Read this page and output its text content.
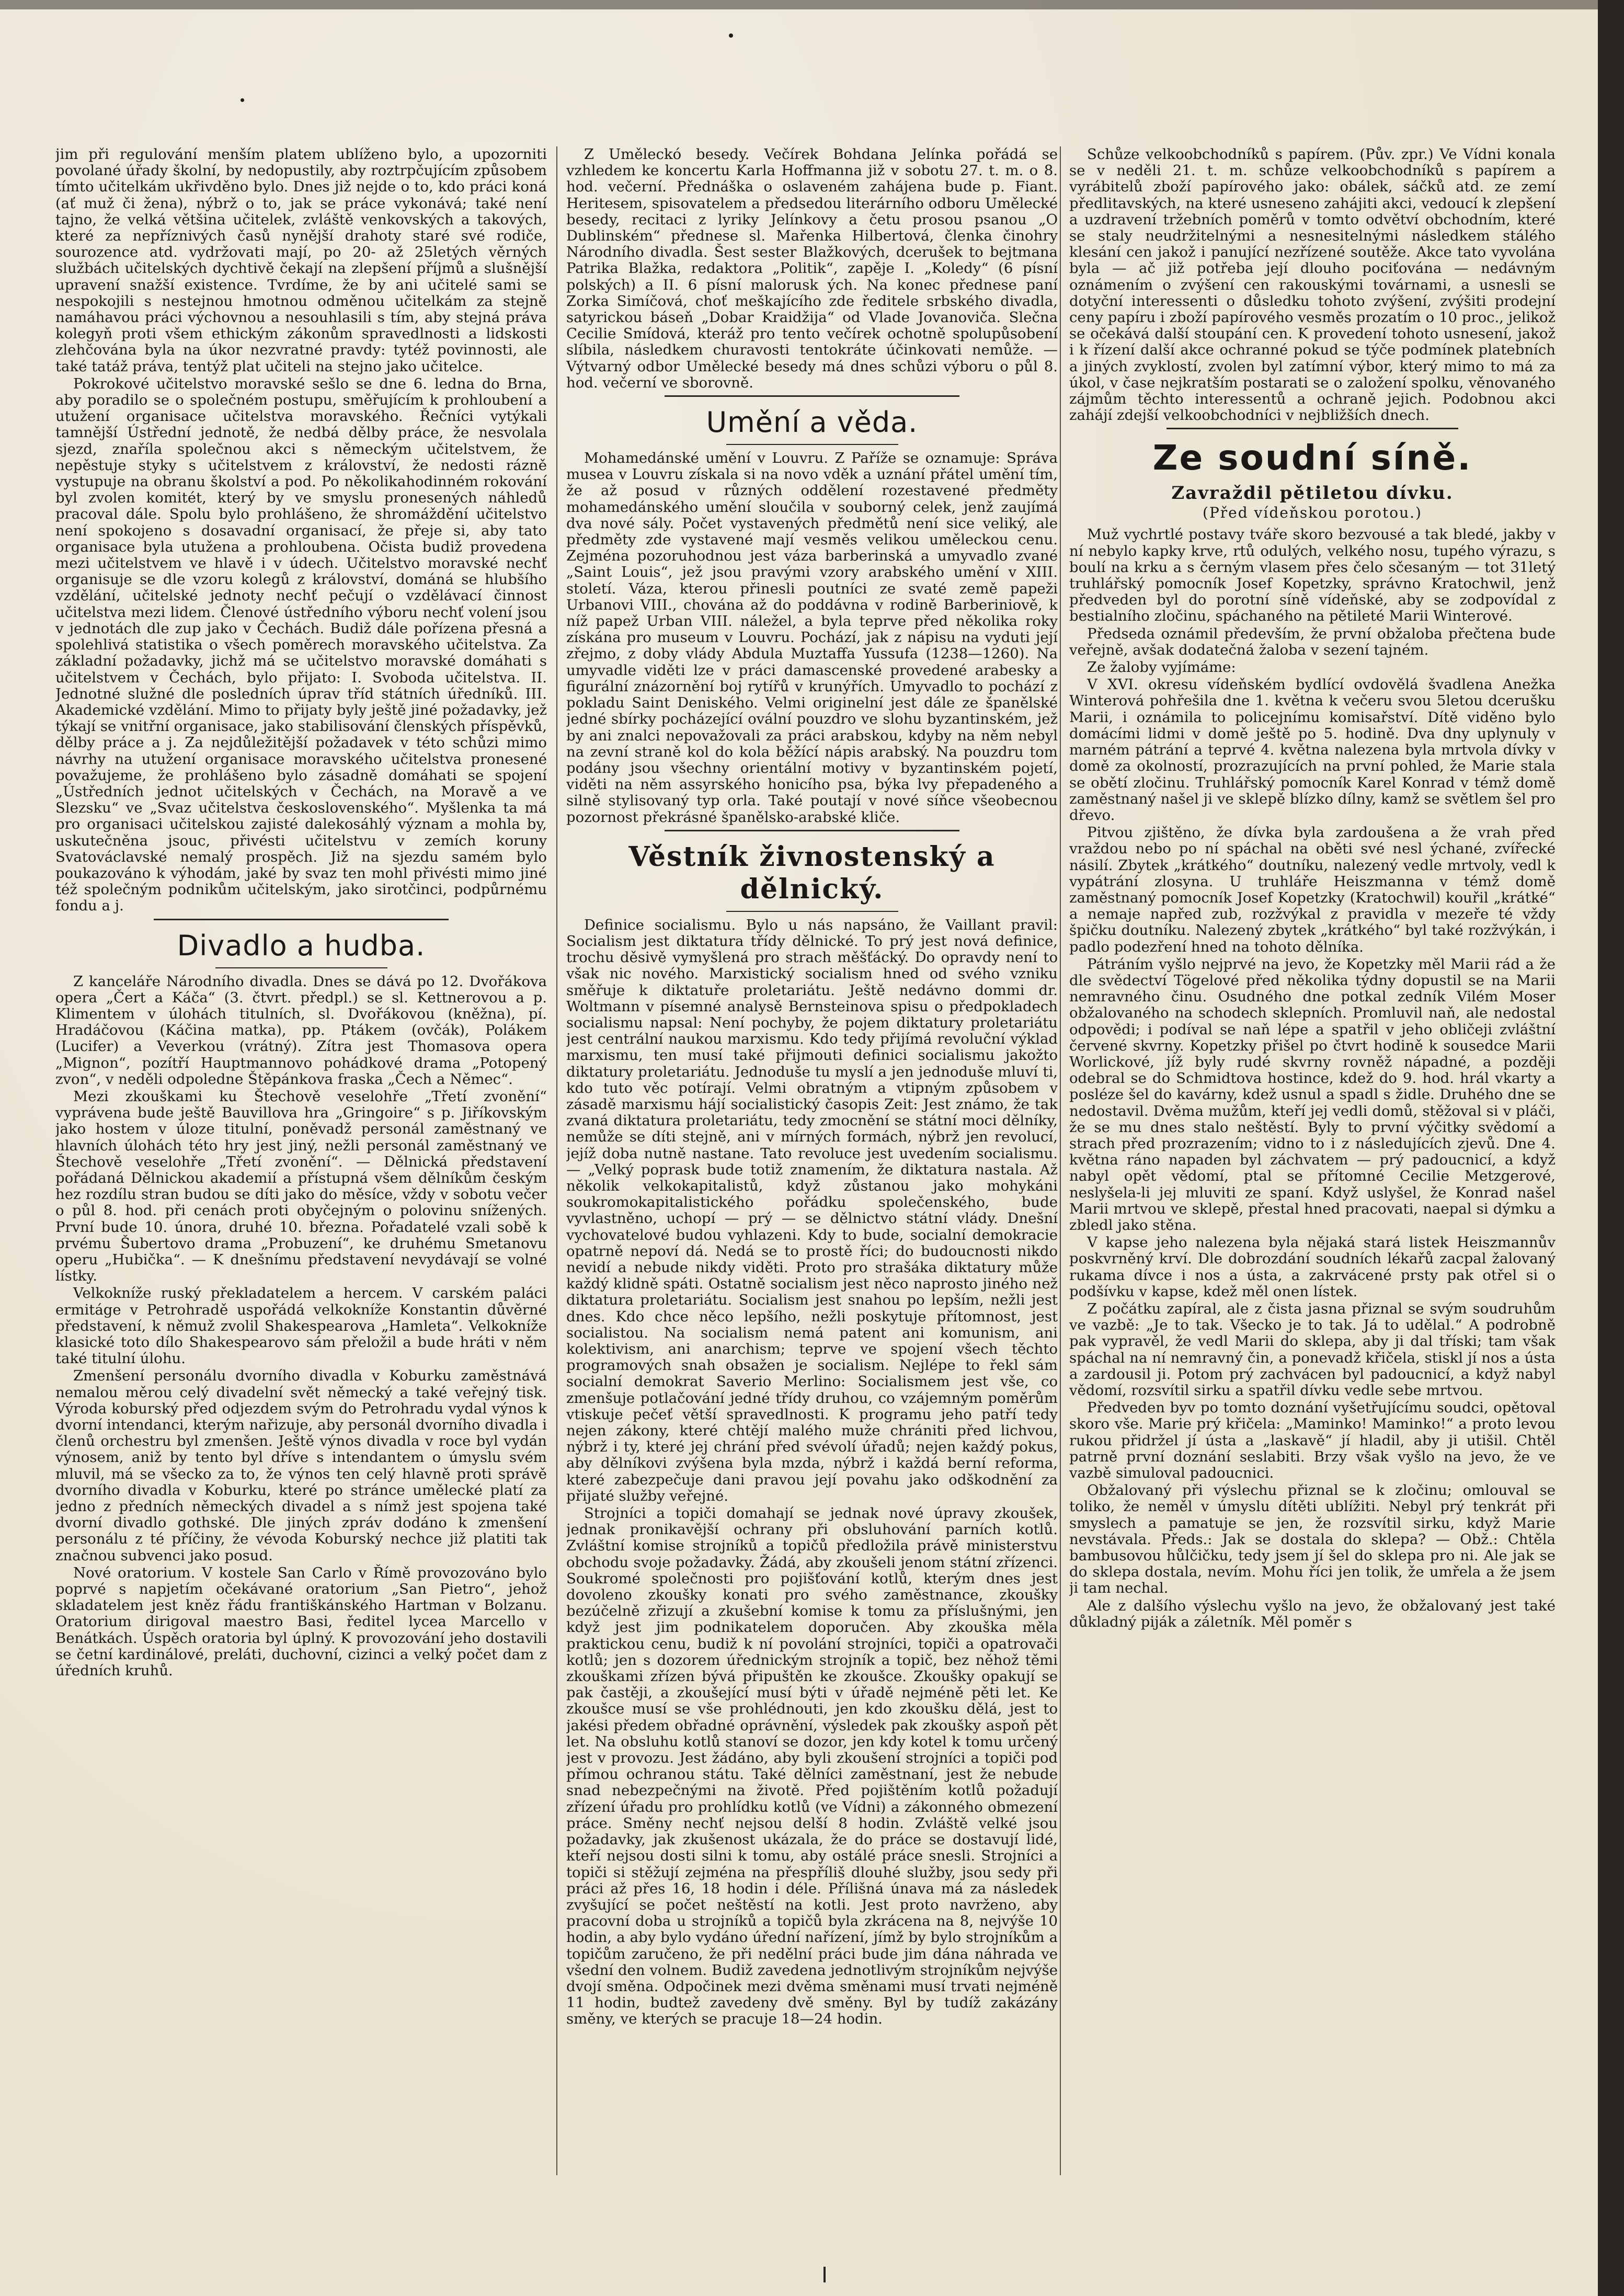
jim při regulování menším platem ublíženo bylo, a upozorniti povolané úřady školní, by nedopustily, aby roztrpčujícím způsobem tímto učitelkám ukřivděno bylo. Dnes již nejde o to, kdo práci koná (ať muž či žena), nýbrž o to, jak se práce vykonává; také není tajno, že velká většina učitelek, zvláště venkovských a takových, které za nepříznivých časů nynější drahoty staré své rodiče, sourozence atd. vydržovati mají, po 20- až 25letých věrných službách učitelských dychtivě čekají na zlepšení příjmů a slušnější upravení snažší existence. Tvrdíme, že by ani učitelé sami se nespokojili s nestejnou hmotnou odměnou učitelkám za stejně namáhavou práci výchovnou a nesouhlasili s tím, aby stejná práva kolegyň proti všem ethickým zákonům spravedlnosti a lidskosti zlehčována byla na úkor nezvratné pravdy: tytéž povinnosti, ale také tatáž práva, tentýž plat učiteli na stejno jako učitelce.

Pokrokové učitelstvo moravské sešlo se dne 6. ledna do Brna, aby poradilo se o společném postupu, směřujícím k prohloubení a utužení organisace učitelstva moravského. Řečníci vytýkali tamnější Ústřední jednotě, že nedbá dělby práce, že nesvolala sjezd, znaříla společnou akci s německým učitelstvem, že nepěstuje styky s učitelstvem z království, že nedosti rázně vystupuje na obranu školství a pod. Po několikahodinném rokování byl zvolen komitét, který by ve smyslu pronesených náhledů pracoval dále. Spolu bylo prohlášeno, že shromáždění učitelstvo není spokojeno s dosavadní organisací, že přeje si, aby tato organisace byla utužena a prohloubena. Očista budiž provedena mezi učitelstvem ve hlavě i v údech. Učitelstvo moravské nechť organisuje se dle vzoru kolegů z království, dománá se hlubšího vzdělání, učitelské jednoty nechť pečují o vzdělávací činnost učitelstva mezi lidem. Členové ústředního výboru nechť volení jsou v jednotách dle zup jako v Čechách. Budiž dále pořízena přesná a spolehlivá statistika o všech poměrech moravského učitelstva. Za základní požadavky, jichž má se učitelstvo moravské domáhati s učitelstvem v Čechách, bylo přijato: I. Svoboda učitelstva. II. Jednotné služné dle posledních úprav tříd státních úředníků. III. Akademické vzdělání. Mimo to přijaty byly ještě jiné požadavky, jež týkají se vnitřní organisace, jako stabilisování členských příspěvků, dělby práce a j. Za nejdůležitější požadavek v této schůzi mimo návrhy na utužení organisace moravského učitelstva pronesené považujeme, že prohlášeno bylo zásadně domáhati se spojení „Ústředních jednot učitelských v Čechách, na Moravě a ve Slezsku“ ve „Svaz učitelstva československého“. Myšlenka ta má pro organisaci učitelskou zajisté dalekosáhlý význam a mohla by, uskutečněna jsouc, přivésti učitelstvu v zemích koruny Svatováclavské nemalý prospěch. Již na sjezdu samém bylo poukazováno k výhodám, jaké by svaz ten mohl přivésti mimo jiné též společným podnikům učitelským, jako sirotčinci, podpůrnému fondu a j.

Divadlo a hudba.

Z kanceláře Národního divadla. Dnes se dává po 12. Dvořákova opera „Čert a Káča“ (3. čtvrt. předpl.) se sl. Kettnerovou a p. Klimentem v úlohách titulních, sl. Dvořákovou (kněžna), pí. Hradáčovou (Káčina matka), pp. Ptákem (ovčák), Polákem (Lucifer) a Veverkou (vrátný). Zítra jest Thomasova opera „Mignon“, pozítří Hauptmannovo pohádkové drama „Potopený zvon“, v neděli odpoledne Štěpánkova fraska „Čech a Němec“.

Mezi zkouškami ku Štechově veselohře „Třetí zvonění“ vyprávena bude ještě Bauvillova hra „Gringoire“ s p. Jiříkovským jako hostem v úloze titulní, poněvadž personál zaměstnaný ve hlavních úlohách této hry jest jiný, nežli personál zaměstnaný ve Štechově veselohře „Třetí zvonění“. — Dělnická představení pořádaná Dělnickou akademií a přístupná všem dělníkům českým hez rozdílu stran budou se díti jako do měsíce, vždy v sobotu večer o půl 8. hod. při cenách proti obyčejným o polovinu snížených. První bude 10. února, druhé 10. března. Pořadatelé vzali sobě k prvému Šubertovo drama „Probuzení“, ke druhému Smetanovu operu „Hubička“. — K dnešnímu představení nevydávají se volné lístky.

Velkokníže ruský překladatelem a hercem. V carském paláci ermitáge v Petrohradě uspořádá velkokníže Konstantin důvěrné představení, k němuž zvolil Shakespearova „Hamleta“. Velkokníže klasické toto dílo Shakespearovo sám přeložil a bude hráti v něm také titulní úlohu.

Zmenšení personálu dvorního divadla v Koburku zaměstnává nemalou měrou celý divadelní svět německý a také veřejný tisk. Výroda koburský před odjezdem svým do Petrohradu vydal výnos k dvorní intendanci, kterým nařizuje, aby personál dvorního divadla i členů orchestru byl zmenšen. Ještě výnos divadla v roce byl vydán výnosem, aniž by tento byl dříve s intendantem o úmyslu svém mluvil, má se všecko za to, že výnos ten celý hlavně proti správě dvorního divadla v Koburku, které po stránce umělecké platí za jedno z předních německých divadel a s nímž jest spojena také dvorní divadlo gothské. Dle jiných zpráv dodáno k zmenšení personálu z té příčiny, že vévoda Koburský nechce již platiti tak značnou subvenci jako posud.

Nové oratorium. V kostele San Carlo v Římě provozováno bylo poprvé s napjetím očekávané oratorium „San Pietro“, jehož skladatelem jest kněz řádu františkánského Hartman v Bolzanu. Oratorium dirigoval maestro Basi, ředitel lycea Marcello v Benátkách. Úspěch oratoria byl úplný. K provozování jeho dostavili se četní kardinálové, preláti, duchovní, cizinci a velký počet dam z úředních kruhů.

Z Uměleckó besedy. Večírek Bohdana Jelínka pořádá se vzhledem ke koncertu Karla Hoffmanna již v sobotu 27. t. m. o 8. hod. večerní. Přednáška o oslaveném zahájena bude p. Fiant. Heritesem, spisovatelem a předsedou literárního odboru Umělecké besedy, recitaci z lyriky Jelínkovy a četu prosou psanou „O Dublinském“ přednese sl. Mařenka Hilbertová, členka činohry Národního divadla. Šest sester Blažkových, dcerušek to bejtmana Patrika Blažka, redaktora „Politik“, zapěje I. „Koledy“ (6 písní polských) a II. 6 písní malorusk ých. Na konec přednese paní Zorka Simíčová, choť meškajícího zde ředitele srbského divadla, satyrickou báseň „Dobar Kraidžija“ od Vlade Jovanoviča. Slečna Cecilie Smídová, kteráž pro tento večírek ochotně spolupůsobení slíbila, následkem churavosti tentokráte účinkovati nemůže. — Výtvarný odbor Umělecké besedy má dnes schůzi výboru o půl 8. hod. večerní ve sborovně.

Umění a věda.

Mohamedánské umění v Louvru. Z Paříže se oznamuje: Správa musea v Louvru získala si na novo vděk a uznání přátel umění tím, že až posud v různých oddělení rozestavené předměty mohamedánského umění sloučila v souborný celek, jenž zaujímá dva nové sály. Počet vystavených předmětů není sice veliký, ale předměty zde vystavené mají vesměs velikou uměleckou cenu. Zejména pozoruhodnou jest váza barberinská a umyvadlo zvané „Saint Louis“, jež jsou pravými vzory arabského umění v XIII. století. Váza, kterou přinesli poutníci ze svaté země papeži Urbanovi VIII., chována až do poddávna v rodině Barberiniově, k níž papež Urban VIII. náležel, a byla teprve před několika roky získána pro museum v Louvru. Pochází, jak z nápisu na vyduti její zřejmo, z doby vlády Abdula Muztaffa Yussufa (1238—1260). Na umyvadle viděti lze v práci damascenské provedené arabesky a figurální znázornění boj rytířů v krunýřích. Umyvadlo to pochází z pokladu Saint Deniského. Velmi originelní jest dále ze španělské jedné sbírky pocházející ovální pouzdro ve slohu byzantinském, jež by ani znalci nepovažovali za práci arabskou, kdyby na něm nebyl na zevní straně kol do kola běžící nápis arabský. Na pouzdru tom podány jsou všechny orientální motivy v byzantinském pojetí, viděti na něm assyrského honicího psa, býka lvy přepadeného a silně stylisovaný typ orla. Také poutají v nové síňce všeobecnou pozornost překrásné španělsko-arabské kliče.

Věstník živnostenský a dělnický.

Definice socialismu. Bylo u nás napsáno, že Vaillant pravil: Socialism jest diktatura třídy dělnické. To prý jest nová definice, trochu děsivě vymyšlená pro strach měšťácký. Do opravdy není to však nic nového. Marxistický socialism hned od svého vzniku směřuje k diktatuře proletariátu. Ještě nedávno dommi dr. Woltmann v písemné analysě Bernsteinova spisu o předpokladech socialismu napsal: Není pochyby, že pojem diktatury proletariátu jest centrální naukou marxismu. Kdo tedy přijímá revoluční výklad marxismu, ten musí také přijmouti definici socialismu jakožto diktatury proletariátu. Jednoduše tu myslí a jen jednoduše mluví ti, kdo tuto věc potírají. Velmi obratným a vtipným způsobem v zásadě marxismu hájí socialistický časopis Zeit: Jest známo, že tak zvaná diktatura proletariátu, tedy zmocnění se státní moci dělníky, nemůže se díti stejně, ani v mírných formách, nýbrž jen revolucí, jejíž doba nutně nastane. Tato revoluce jest uvedením socialismu. — „Velký poprask bude totiž znamením, že diktatura nastala. Až několik velkokapitalistů, když zůstanou jako mohykáni soukromokapitalistického pořádku společenského, bude vyvlastněno, uchopí — prý — se dělnictvo státní vlády. Dnešní vychovatelové budou vyhlazeni. Kdy to bude, socialní demokracie opatrně nepoví dá. Nedá se to prostě říci; do budoucnosti nikdo nevidí a nebude nikdy viděti. Proto pro strašáka diktatury může každý klidně spáti. Ostatně socialism jest něco naprosto jiného než diktatura proletariátu. Socialism jest snahou po lepším, nežli jest dnes. Kdo chce něco lepšího, nežli poskytuje přítomnost, jest socialistou. Na socialism nemá patent ani komunism, ani kolektivism, ani anarchism; teprve ve spojení všech těchto programových snah obsažen je socialism. Nejlépe to řekl sám socialní demokrat Saverio Merlino: Socialismem jest vše, co zmenšuje potlačování jedné třídy druhou, co vzájemným poměrům vtiskuje pečeť větší spravedlnosti. K programu jeho patří tedy nejen zákony, které chtějí malého muže chrániti před lichvou, nýbrž i ty, které jej chrání před svévolí úřadů; nejen každý pokus, aby dělníkovi zvýšena byla mzda, nýbrž i každá berní reforma, které zabezpečuje dani pravou její povahu jako odškodnění za přijaté služby veřejné.

Strojníci a topiči domahají se jednak nové úpravy zkoušek, jednak pronikavější ochrany při obsluhování parních kotlů. Zvláštní komise strojníků a topičů předložila právě ministerstvu obchodu svoje požadavky. Žádá, aby zkoušeli jenom státní zřízenci. Soukromé společnosti pro pojišťování kotlů, kterým dnes jest dovoleno zkoušky konati pro svého zaměstnance, zkoušky bezúčelně zřizují a zkušební komise k tomu za příslušnými, jen když jest jim podnikatelem doporučen. Aby zkouška měla praktickou cenu, budiž k ní povolání strojníci, topiči a opatrovači kotlů; jen s dozorem úřednickým strojník a topič, bez něhož těmi zkouškami zřízen bývá připuštěn ke zkoušce. Zkoušky opakují se pak častěji, a zkoušející musí býti v úřadě nejméně pěti let. Ke zkoušce musí se vše prohlédnouti, jen kdo zkoušku dělá, jest to jakési předem obřadné oprávnění, výsledek pak zkoušky aspoň pět let. Na obsluhu kotlů stanoví se dozor, jen kdy kotel k tomu určený jest v provozu. Jest žádáno, aby byli zkoušení strojníci a topiči pod přímou ochranou státu. Také dělníci zaměstnaní, jest že nebude snad nebezpečnými na životě. Před pojištěním kotlů požadují zřízení úřadu pro prohlídku kotlů (ve Vídni) a zákonného obmezení práce. Směny nechť nejsou delší 8 hodin. Zvláště velké jsou požadavky, jak zkušenost ukázala, že do práce se dostavují lidé, kteří nejsou dosti silni k tomu, aby ostálé práce snesli. Strojníci a topiči si stěžují zejména na přespříliš dlouhé služby, jsou sedy při práci až přes 16, 18 hodin i déle. Přílišná únava má za následek zvyšující se počet neštěstí na kotli. Jest proto navrženo, aby pracovní doba u strojníků a topičů byla zkrácena na 8, nejvýše 10 hodin, a aby bylo vydáno úřední nařízení, jímž by bylo strojníkům a topičům zaručeno, že při nedělní práci bude jim dána náhrada ve všední den volnem. Budiž zavedena jednotlivým strojníkům nejvýše dvojí směna. Odpočinek mezi dvěma směnami musí trvati nejméně 11 hodin, budtež zavedeny dvě směny. Byl by tudíž zakázány směny, ve kterých se pracuje 18—24 hodin.

Schůze velkoobchodníků s papírem. (Pův. zpr.) Ve Vídni konala se v neděli 21. t. m. schůze velkoobchodníků s papírem a vyrábitelů zboží papírového jako: obálek, sáčků atd. ze zemí předlitavských, na které usneseno zahájiti akci, vedoucí k zlepšení a uzdravení tržebních poměrů v tomto odvětví obchodním, které se staly neudržitelnými a nesnesitelnými následkem stálého klesání cen jakož i panující nezřízené soutěže. Akce tato vyvolána byla — ač již potřeba její dlouho pociťována — nedávným oznámením o zvýšení cen rakouskými továrnami, a usnesli se dotyční interessenti o důsledku tohoto zvýšení, zvýšiti prodejní ceny papíru i zboží papírového vesměs prozatím o 10 proc., jelikož se očekává další stoupání cen. K provedení tohoto usnesení, jakož i k řízení další akce ochranné pokud se týče podmínek platebních a jiných zvyklostí, zvolen byl zatímní výbor, který mimo to má za úkol, v čase nejkratším postarati se o založení spolku, věnovaného zájmům těchto interessentů a ochraně jejich. Podobnou akci zahájí zdejší velkoobchodníci v nejbližších dnech.

Ze soudní síně.
Zavraždil pětiletou dívku.
(Před vídeňskou porotou.)

Muž vychrtlé postavy tváře skoro bezvousé a tak bledé, jakby v ní nebylo kapky krve, rtů odulých, velkého nosu, tupého výrazu, s boulí na krku a s černým vlasem přes čelo sčesaným — tot 31letý truhlářský pomocník Josef Kopetzky, správno Kratochwil, jenž předveden byl do porotní síně vídeňské, aby se zodpovídal z bestialního zločinu, spáchaného na pětileté Marii Winterové.

Předseda oznámil především, že první obžaloba přečtena bude veřejně, avšak dodatečná žaloba v sezení tajném.

Ze žaloby vyjímáme:

V XVI. okresu vídeňském bydlící ovdovělá švadlena Anežka Winterová pohřešila dne 1. května k večeru svou 5letou dcerušku Marii, i oznámila to policejnímu komisařství. Dítě viděno bylo domácími lidmi v domě ještě po 5. hodině. Dva dny uplynuly v marném pátrání a teprvé 4. května nalezena byla mrtvola dívky v domě za okolností, prozrazujících na první pohled, že Marie stala se obětí zločinu. Truhlářský pomocník Karel Konrad v témž domě zaměstnaný našel ji ve sklepě blízko dílny, kamž se světlem šel pro dřevo.

Pitvou zjištěno, že dívka byla zardoušena a že vrah před vraždou nebo po ní spáchal na oběti své nesl ýchané, zvířecké násilí. Zbytek „krátkého“ doutníku, nalezený vedle mrtvoly, vedl k vypátrání zlosyna. U truhláře Heiszmanna v témž domě zaměstnaný pomocník Josef Kopetzky (Kratochwil) kouřil „krátké“ a nemaje napřed zub, rozžvýkal z pravidla v mezeře té vždy špičku doutníku. Nalezený zbytek „krátkého“ byl také rozžvýkán, i padlo podezření hned na tohoto dělníka.

Pátráním vyšlo nejprvé na jevo, že Kopetzky měl Marii rád a že dle svědectví Tögelové před několika týdny dopustil se na Marii nemravného činu. Osudného dne potkal zedník Vilém Moser obžalovaného na schodech sklepních. Promluvil naň, ale nedostal odpovědi; i podíval se naň lépe a spatřil v jeho obličeji zvláštní červené skvrny. Kopetzky přišel po čtvrt hodině k sousedce Marii Worlickové, jíž byly rudé skvrny rovněž nápadné, a později odebral se do Schmidtova hostince, kdež do 9. hod. hrál vkarty a posléze šel do kavárny, kdež usnul a spadl s židle. Druhého dne se nedostavil. Dvěma mužům, kteří jej vedli domů, stěžoval si v pláči, že se mu dnes stalo neštěstí. Byly to první výčitky svědomí a strach před prozrazením; vidno to i z následujících zjevů. Dne 4. května ráno napaden byl záchvatem — prý padoucnicí, a když nabyl opět vědomí, ptal se přítomné Cecilie Metzgerové, neslyšela-li jej mluviti ze spaní. Když uslyšel, že Konrad našel Marii mrtvou ve sklepě, přestal hned pracovati, naepal si dýmku a zbledl jako stěna.

V kapse jeho nalezena byla nějaká stará listek Heiszmannův poskvrněný krví. Dle dobrozdání soudních lékařů zacpal žalovaný rukama dívce i nos a ústa, a zakrvácené prsty pak otřel si o podšívku v kapse, kdež měl onen lístek.

Z počátku zapíral, ale z čista jasna přiznal se svým soudruhům ve vazbě: „Je to tak. Všecko je to tak. Já to udělal.“ A podrobně pak vypravěl, že vedl Marii do sklepa, aby ji dal tříski; tam však spáchal na ní nemravný čin, a ponevadž křičela, stiskl jí nos a ústa a zardousil ji. Potom prý zachvácen byl padoucnicí, a když nabyl vědomí, rozsvítil sirku a spatřil dívku vedle sebe mrtvou.

Předveden byv po tomto doznání vyšetřujícímu soudci, opětoval skoro vše. Marie prý křičela: „Maminko! Maminko!“ a proto levou rukou přidržel jí ústa a „laskavě“ jí hladil, aby ji utišil. Chtěl patrně první doznání seslabiti. Brzy však vyšlo na jevo, že ve vazbě simuloval padoucnici.

Obžalovaný při výslechu přiznal se k zločinu; omlouval se toliko, že neměl v úmyslu dítěti ublížiti. Nebyl prý tenkrát při smyslech a pamatuje se jen, že rozsvítil sirku, když Marie nevstávala. Předs.: Jak se dostala do sklepa? — Obž.: Chtěla bambusovou hůlčičku, tedy jsem jí šel do sklepa pro ni. Ale jak se do sklepa dostala, nevím. Mohu říci jen tolik, že umřela a že jsem ji tam nechal.

Ale z dalšího výslechu vyšlo na jevo, že obžalovaný jest také důkladný piják a záletník. Měl poměr s
